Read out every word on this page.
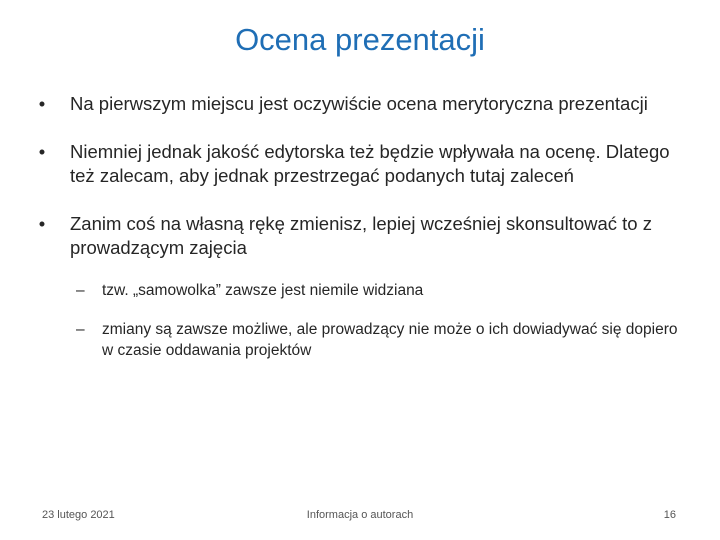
Ocena prezentacji
•	Na pierwszym miejscu jest oczywiście ocena merytoryczna prezentacji
•	Niemniej jednak jakość edytorska też będzie wpływała na ocenę. Dlatego też zalecam, aby jednak przestrzegać podanych tutaj zaleceń
•	Zanim coś na własną rękę zmienisz, lepiej wcześniej skonsultować to z prowadzącym zajęcia
–	tzw. „samowolka” zawsze jest niemile widziana
–	zmiany są zawsze możliwe, ale prowadzący nie może o ich dowiadywać się dopiero w czasie oddawania projektów
23 lutego 2021	Informacja o autorach	16
